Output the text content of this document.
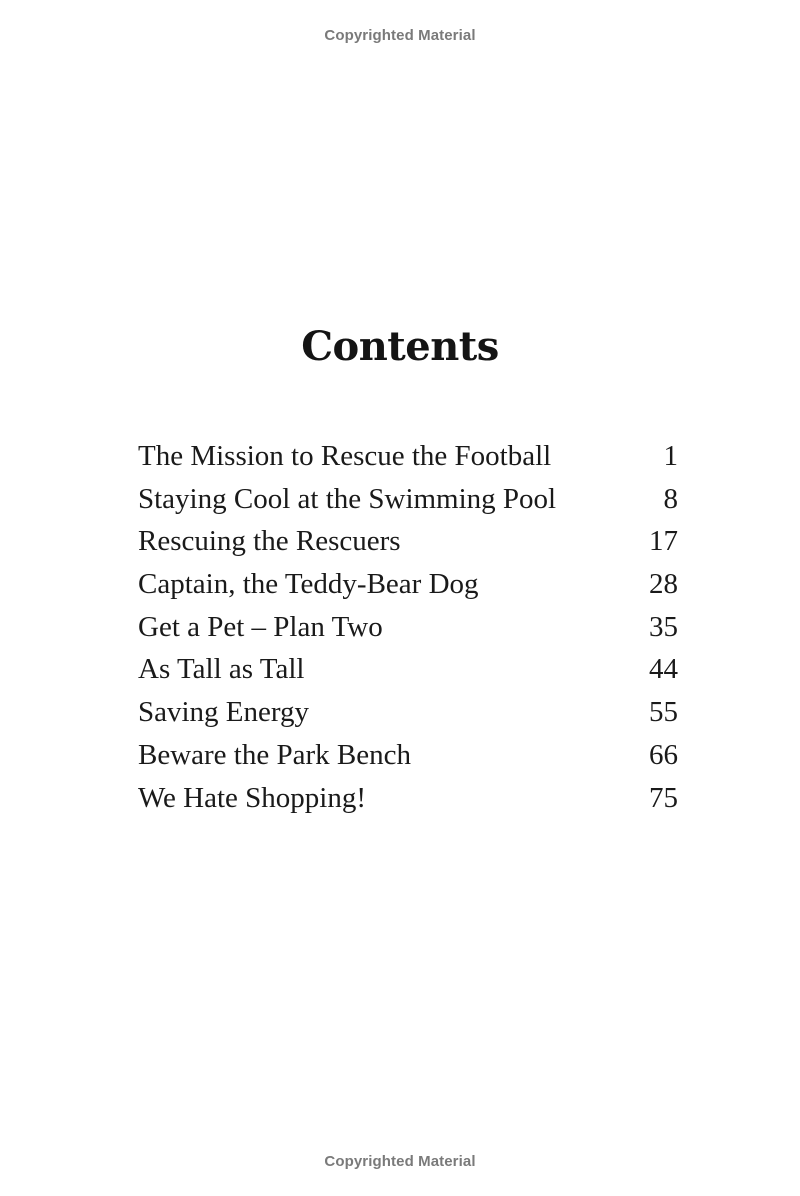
Copyrighted Material
Contents
The Mission to Rescue the Football	1
Staying Cool at the Swimming Pool	8
Rescuing the Rescuers	17
Captain, the Teddy-Bear Dog	28
Get a Pet – Plan Two	35
As Tall as Tall	44
Saving Energy	55
Beware the Park Bench	66
We Hate Shopping!	75
Copyrighted Material
